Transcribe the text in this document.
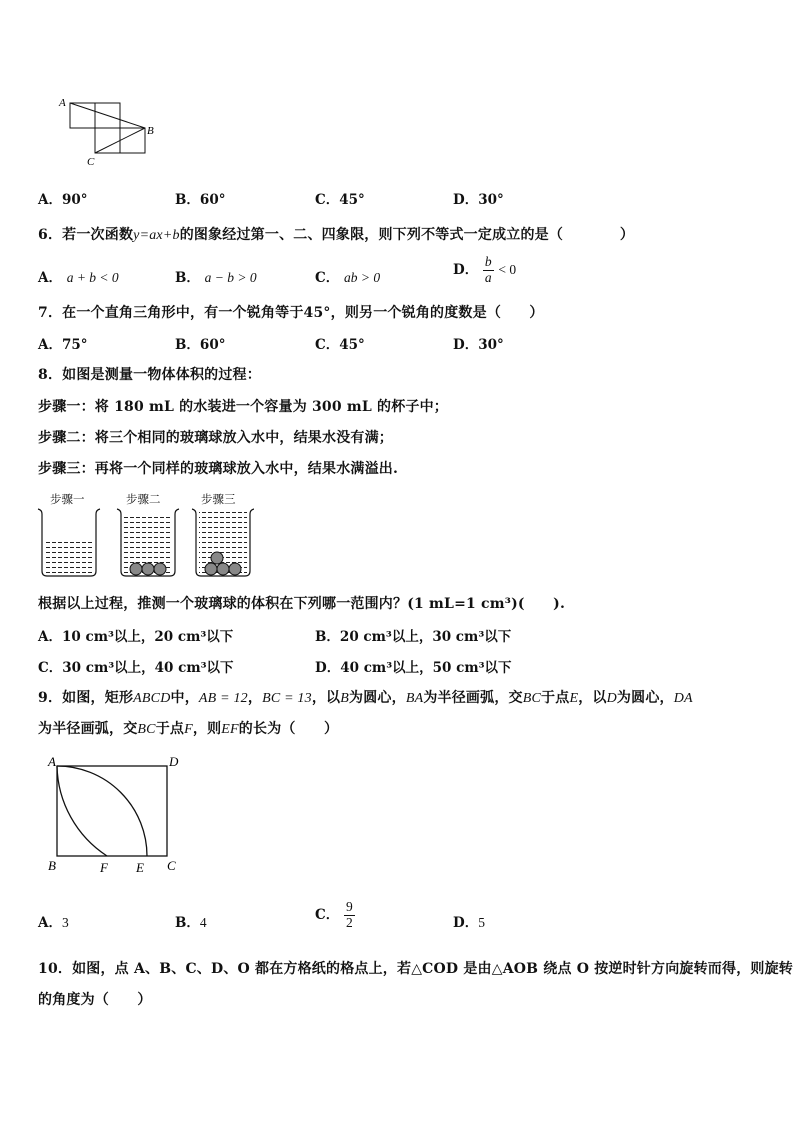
A
B
C
A．90°	B．60°	C．45°	D．30°
6．若一次函数y=ax+b的图象经过第一、二、四象限，则下列不等式一定成立的是（　　　　）
A． a + b < 0	B． a − b > 0	C． ab > 0	D． $\frac{b}{a} < 0$
7．在一个直角三角形中，有一个锐角等于45°，则另一个锐角的度数是（　　）
A．75°	B．60°	C．45°	D．30°
8．如图是测量一物体体积的过程：
步骤一：将 180 mL 的水装进一个容量为 300 mL 的杯子中；
步骤二：将三个相同的玻璃球放入水中，结果水没有满；
步骤三：再将一个同样的玻璃球放入水中，结果水满溢出.
步骤一	步骤二	步骤三
根据以上过程，推测一个玻璃球的体积在下列哪一范围内？(1 mL=1 cm³)(　　).
A．10 cm³以上，20 cm³以下	B．20 cm³以上，30 cm³以下
C．30 cm³以上，40 cm³以下	D．40 cm³以上，50 cm³以下
9．如图，矩形ABCD中，AB = 12，BC = 13，以B为圆心，BA为半径画弧，交BC于点E，以D为圆心，DA
为半径画弧，交BC于点F，则EF的长为（　　）
A	D
B	C
F E
A．3	B．4	C． $\frac{9}{2}$	D．5
10．如图，点 A、B、C、D、O 都在方格纸的格点上，若△COD 是由△AOB 绕点 O 按逆时针方向旋转而得，则旋转
的角度为（　　）
